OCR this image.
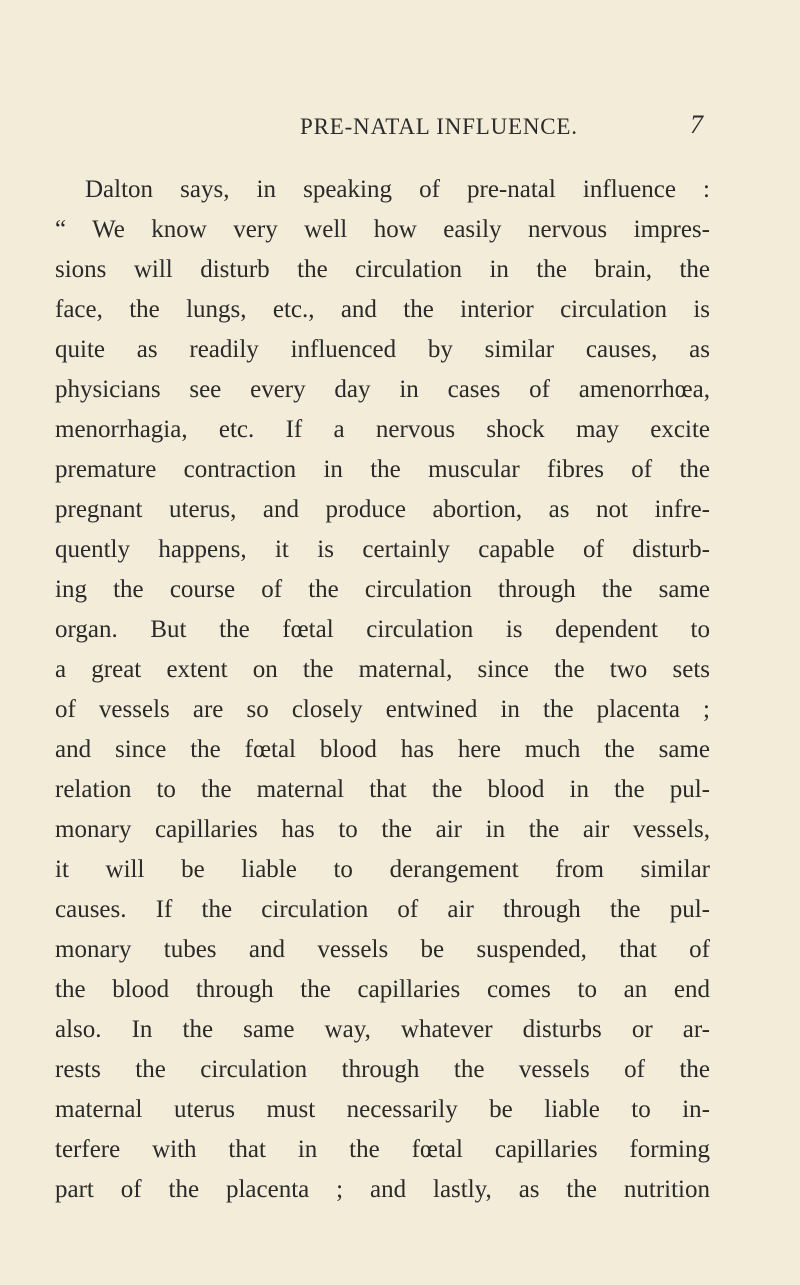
PRE-NATAL INFLUENCE.	7
Dalton says, in speaking of pre-natal influence :
“ We know very well how easily nervous impres-
sions will disturb the circulation in the brain, the
face, the lungs, etc., and the interior circulation is
quite as readily influenced by similar causes, as
physicians see every day in cases of amenorrhœa,
menorrhagia, etc. If a nervous shock may excite
premature contraction in the muscular fibres of the
pregnant uterus, and produce abortion, as not infre-
quently happens, it is certainly capable of disturb-
ing the course of the circulation through the same
organ. But the fœtal circulation is dependent to
a great extent on the maternal, since the two sets
of vessels are so closely entwined in the placenta ;
and since the fœtal blood has here much the same
relation to the maternal that the blood in the pul-
monary capillaries has to the air in the air vessels,
it will be liable to derangement from similar
causes. If the circulation of air through the pul-
monary tubes and vessels be suspended, that of
the blood through the capillaries comes to an end
also. In the same way, whatever disturbs or ar-
rests the circulation through the vessels of the
maternal uterus must necessarily be liable to in-
terfere with that in the fœtal capillaries forming
part of the placenta ; and lastly, as the nutrition
